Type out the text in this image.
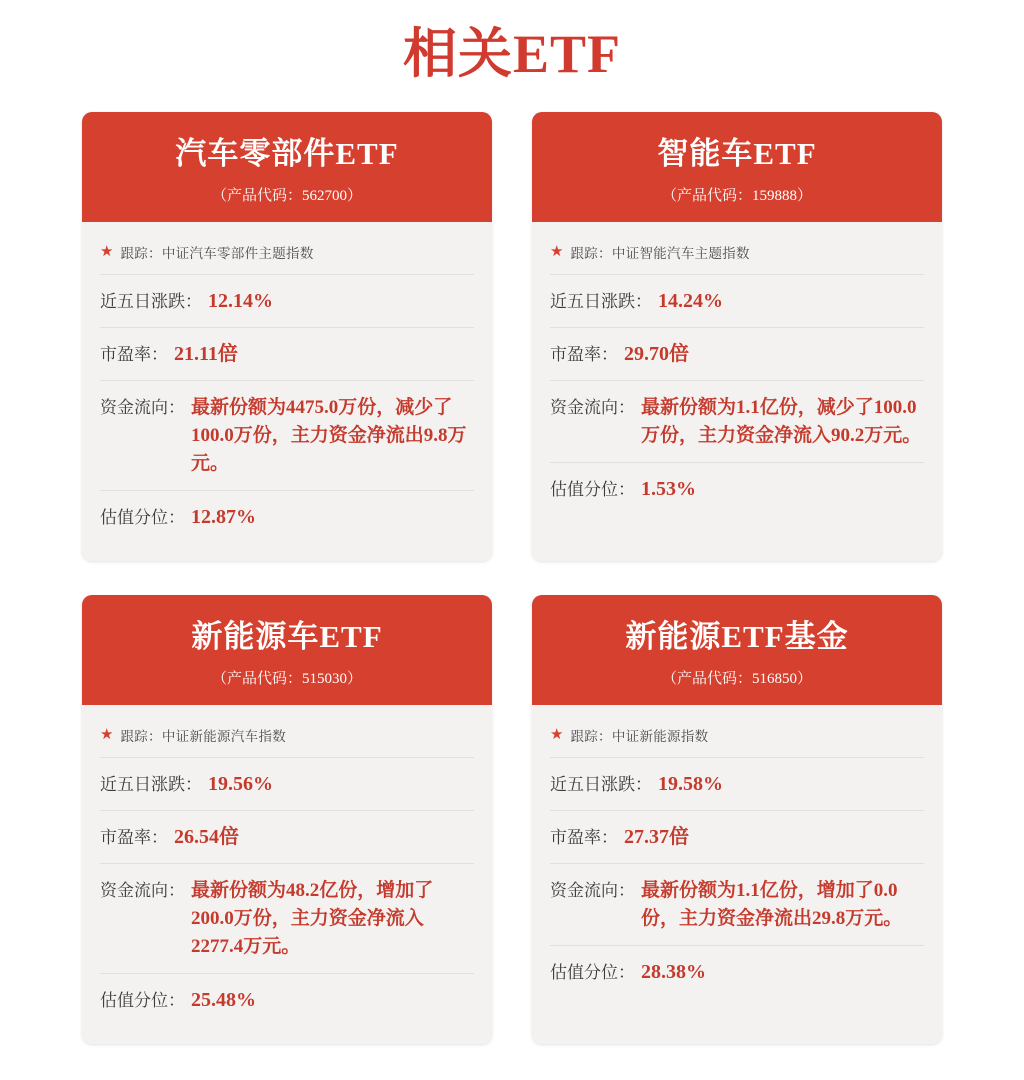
相关ETF
汽车零部件ETF
（产品代码：562700）
★ 跟踪： 中证汽车零部件主题指数
近五日涨跌： 12.14%
市盈率： 21.11倍
资金流向： 最新份额为4475.0万份，减少了100.0万份，主力资金净流出9.8万元。
估值分位： 12.87%
智能车ETF
（产品代码：159888）
★ 跟踪： 中证智能汽车主题指数
近五日涨跌： 14.24%
市盈率： 29.70倍
资金流向： 最新份额为1.1亿份，减少了100.0万份，主力资金净流入90.2万元。
估值分位： 1.53%
新能源车ETF
（产品代码：515030）
★ 跟踪： 中证新能源汽车指数
近五日涨跌： 19.56%
市盈率： 26.54倍
资金流向： 最新份额为48.2亿份，增加了200.0万份，主力资金净流入2277.4万元。
估值分位： 25.48%
新能源ETF基金
（产品代码：516850）
★ 跟踪： 中证新能源指数
近五日涨跌： 19.58%
市盈率： 27.37倍
资金流向： 最新份额为1.1亿份，增加了0.0份，主力资金净流出29.8万元。
估值分位： 28.38%
